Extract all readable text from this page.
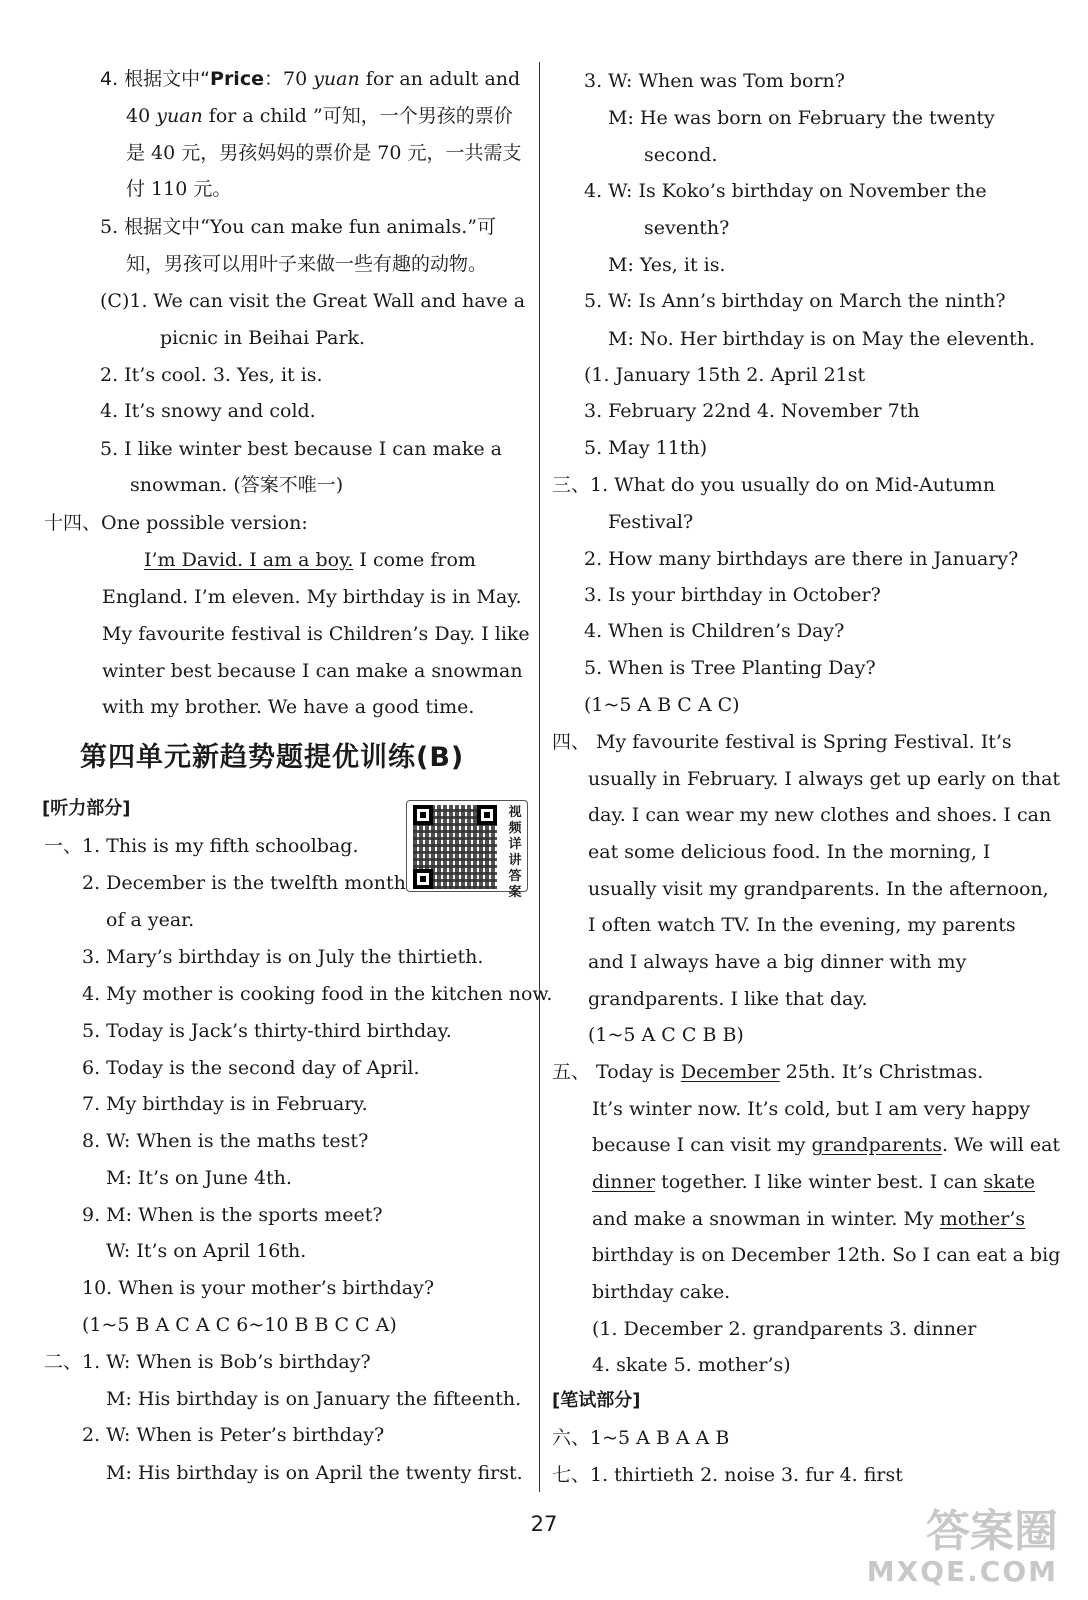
4. 根据文中“Price：70 yuan for an adult and
40 yuan for a child ”可知，一个男孩的票价
是 40 元，男孩妈妈的票价是 70 元，一共需支
付 110 元。
5. 根据文中“You can make fun animals.”可
知，男孩可以用叶子来做一些有趣的动物。
(C)1. We can visit the Great Wall and have a
picnic in Beihai Park.
2. It’s cool. 3. Yes, it is.
4. It’s snowy and cold.
5. I like winter best because I can make a
snowman. (答案不唯一)
十四、One possible version:
I’m David. I am a boy. I come from
England. I’m eleven. My birthday is in May.
My favourite festival is Children’s Day. I like
winter best because I can make a snowman
with my brother. We have a good time.
第四单元新趋势题提优训练(B)
[听力部分]	视频详讲答案
一、1. This is my fifth schoolbag.
2. December is the twelfth month
of a year.
3. Mary’s birthday is on July the thirtieth.
4. My mother is cooking food in the kitchen now.
5. Today is Jack’s thirty-third birthday.
6. Today is the second day of April.
7. My birthday is in February.
8. W: When is the maths test?
M: It’s on June 4th.
9. M: When is the sports meet?
W: It’s on April 16th.
10. When is your mother’s birthday?
(1~5 B A C A C 6~10 B B C C A)
二、1. W: When is Bob’s birthday?
M: His birthday is on January the fifteenth.
2. W: When is Peter’s birthday?
M: His birthday is on April the twenty first.
3. W: When was Tom born?
M: He was born on February the twenty
second.
4. W: Is Koko’s birthday on November the
seventh?
M: Yes, it is.
5. W: Is Ann’s birthday on March the ninth?
M: No. Her birthday is on May the eleventh.
(1. January 15th 2. April 21st
3. February 22nd 4. November 7th
5. May 11th)
三、1. What do you usually do on Mid-Autumn
Festival?
2. How many birthdays are there in January?
3. Is your birthday in October?
4. When is Children’s Day?
5. When is Tree Planting Day?
(1~5 A B C A C)
四、 My favourite festival is Spring Festival. It’s
usually in February. I always get up early on that
day. I can wear my new clothes and shoes. I can
eat some delicious food. In the morning, I
usually visit my grandparents. In the afternoon,
I often watch TV. In the evening, my parents
and I always have a big dinner with my
grandparents. I like that day.
(1~5 A C C B B)
五、 Today is December 25th. It’s Christmas.
It’s winter now. It’s cold, but I am very happy
because I can visit my grandparents. We will eat
dinner together. I like winter best. I can skate
and make a snowman in winter. My mother’s
birthday is on December 12th. So I can eat a big
birthday cake.
(1. December 2. grandparents 3. dinner
4. skate 5. mother’s)
[笔试部分]
六、1~5 A B A A B
七、1. thirtieth 2. noise 3. fur 4. first
27	答案圈
MXQE.COM
